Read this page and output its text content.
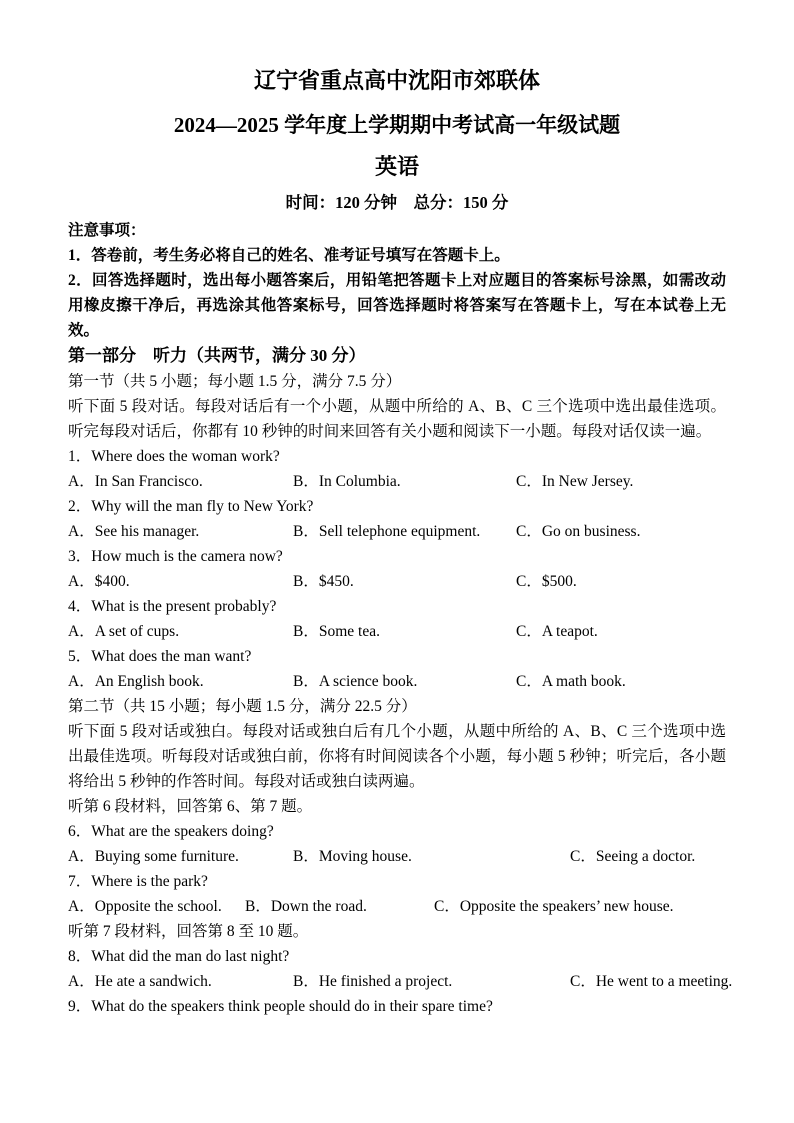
辽宁省重点高中沈阳市郊联体
2024—2025 学年度上学期期中考试高一年级试题
英语
时间：120 分钟　总分：150 分
注意事项：
1．答卷前，考生务必将自己的姓名、准考证号填写在答题卡上。
2．回答选择题时，选出每小题答案后，用铅笔把答题卡上对应题目的答案标号涂黑，如需改动用橡皮擦干净后，再选涂其他答案标号，回答选择题时将答案写在答题卡上，写在本试卷上无效。
第一部分　听力（共两节，满分 30 分）
第一节（共 5 小题；每小题 1.5 分，满分 7.5 分）
听下面 5 段对话。每段对话后有一个小题，从题中所给的 A、B、C 三个选项中选出最佳选项。听完每段对话后，你都有 10 秒钟的时间来回答有关小题和阅读下一小题。每段对话仅读一遍。
1．Where does the woman work?
A．In San Francisco.	B．In Columbia.	C．In New Jersey.
2．Why will the man fly to New York?
A．See his manager.	B．Sell telephone equipment.	C．Go on business.
3．How much is the camera now?
A．$400.	B．$450.	C．$500.
4．What is the present probably?
A．A set of cups.	B．Some tea.	C．A teapot.
5．What does the man want?
A．An English book.	B．A science book.	C．A math book.
第二节（共 15 小题；每小题 1.5 分，满分 22.5 分）
听下面 5 段对话或独白。每段对话或独白后有几个小题，从题中所给的 A、B、C 三个选项中选出最佳选项。听每段对话或独白前，你将有时间阅读各个小题，每小题 5 秒钟；听完后，各小题将给出 5 秒钟的作答时间。每段对话或独白读两遍。
听第 6 段材料，回答第 6、第 7 题。
6．What are the speakers doing?
A．Buying some furniture.	B．Moving house.	C．Seeing a doctor.
7．Where is the park?
A．Opposite the school.	B．Down the road.	C．Opposite the speakers’ new house.
听第 7 段材料，回答第 8 至 10 题。
8．What did the man do last night?
A．He ate a sandwich.	B．He finished a project.	C．He went to a meeting.
9．What do the speakers think people should do in their spare time?
